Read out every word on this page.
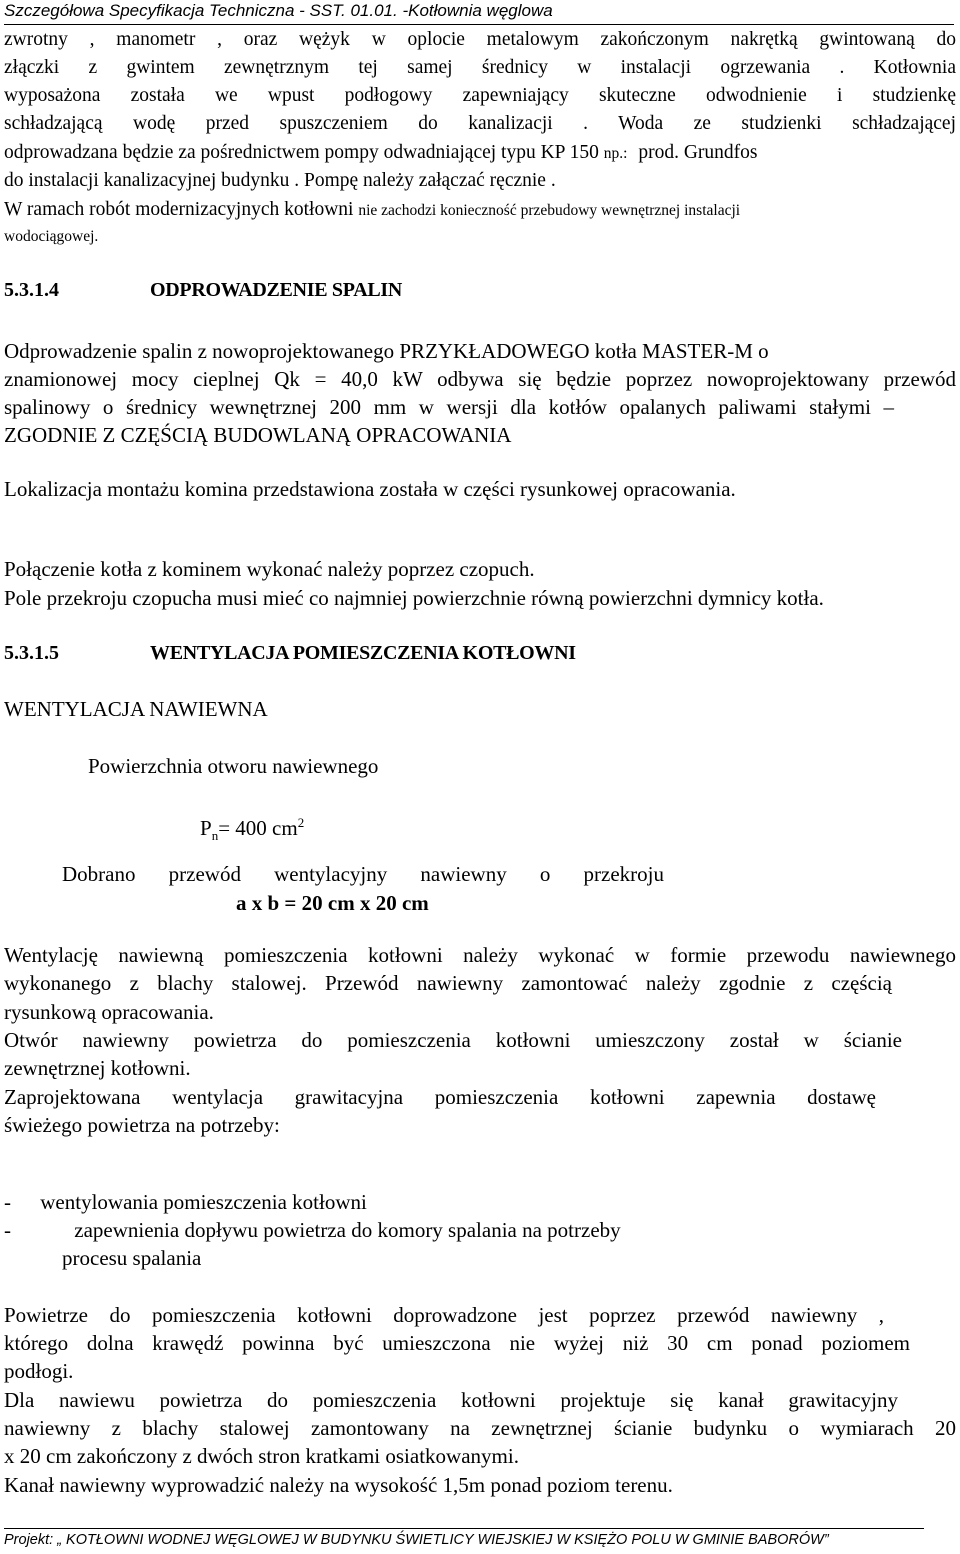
Szczegółowa Specyfikacja Techniczna - SST. 01.01. -Kotłownia węglowa
zwrotny , manometr , oraz wężyk w oplocie metalowym zakończonym nakrętką gwintowaną do
złączki z gwintem zewnętrznym tej samej średnicy w instalacji ogrzewania . Kotłownia
wyposażona została we wpust podłogowy zapewniający skuteczne odwodnienie i studzienkę
schładzającą wodę przed spuszczeniem do kanalizacji . Woda ze studzienki schładzającej
odprowadzana będzie za pośrednictwem pompy odwadniającej typu KP 150 np.: prod. Grundfos
do instalacji kanalizacyjnej budynku . Pompę należy załączać ręcznie .
W ramach robót modernizacyjnych kotłowni nie zachodzi konieczność przebudowy wewnętrznej instalacji
wodociągowej.
5.3.1.4	ODPROWADZENIE SPALIN
Odprowadzenie spalin z nowoprojektowanego PRZYKŁADOWEGO kotła MASTER-M o
znamionowej mocy cieplnej Qk = 40,0 kW odbywa się będzie poprzez nowoprojektowany przewód
spalinowy o średnicy wewnętrznej 200 mm w wersji dla kotłów opalanych paliwami stałymi –
ZGODNIE Z CZĘŚCIĄ BUDOWLANĄ OPRACOWANIA
Lokalizacja montażu komina przedstawiona została w części rysunkowej opracowania.
Połączenie kotła z kominem wykonać należy poprzez czopuch.
Pole przekroju czopucha musi mieć co najmniej powierzchnie równą powierzchni dymnicy kotła.
5.3.1.5	WENTYLACJA POMIESZCZENIA KOTŁOWNI
WENTYLACJA NAWIEWNA
Powierzchnia otworu nawiewnego
$P_n= 400$ $cm^2$
Dobrano przewód wentylacyjny nawiewny o przekroju
a x b = 20 cm x 20 cm
Wentylację nawiewną pomieszczenia kotłowni należy wykonać w formie przewodu nawiewnego
wykonanego z blachy stalowej. Przewód nawiewny zamontować należy zgodnie z częścią
rysunkową opracowania.
Otwór nawiewny powietrza do pomieszczenia kotłowni umieszczony został w ścianie
zewnętrznej kotłowni.
Zaprojektowana wentylacja grawitacyjna pomieszczenia kotłowni zapewnia dostawę
świeżego powietrza na potrzeby:
- wentylowania pomieszczenia kotłowni
-	zapewnienia dopływu powietrza do komory spalania na potrzeby
procesu spalania
Powietrze do pomieszczenia kotłowni doprowadzone jest poprzez przewód nawiewny ,
którego dolna krawędź powinna być umieszczona nie wyżej niż 30 cm ponad poziomem
podłogi.
Dla nawiewu powietrza do pomieszczenia kotłowni projektuje się kanał grawitacyjny
nawiewny z blachy stalowej zamontowany na zewnętrznej ścianie budynku o wymiarach 20
x 20 cm zakończony z dwóch stron kratkami osiatkowanymi.
Kanał nawiewny wyprowadzić należy na wysokość 1,5m ponad poziom terenu.
Projekt: „ KOTŁOWNI WODNEJ WĘGLOWEJ W BUDYNKU ŚWIETLICY WIEJSKIEJ W KSIĘŻO POLU W GMINIE BABORÓW”
